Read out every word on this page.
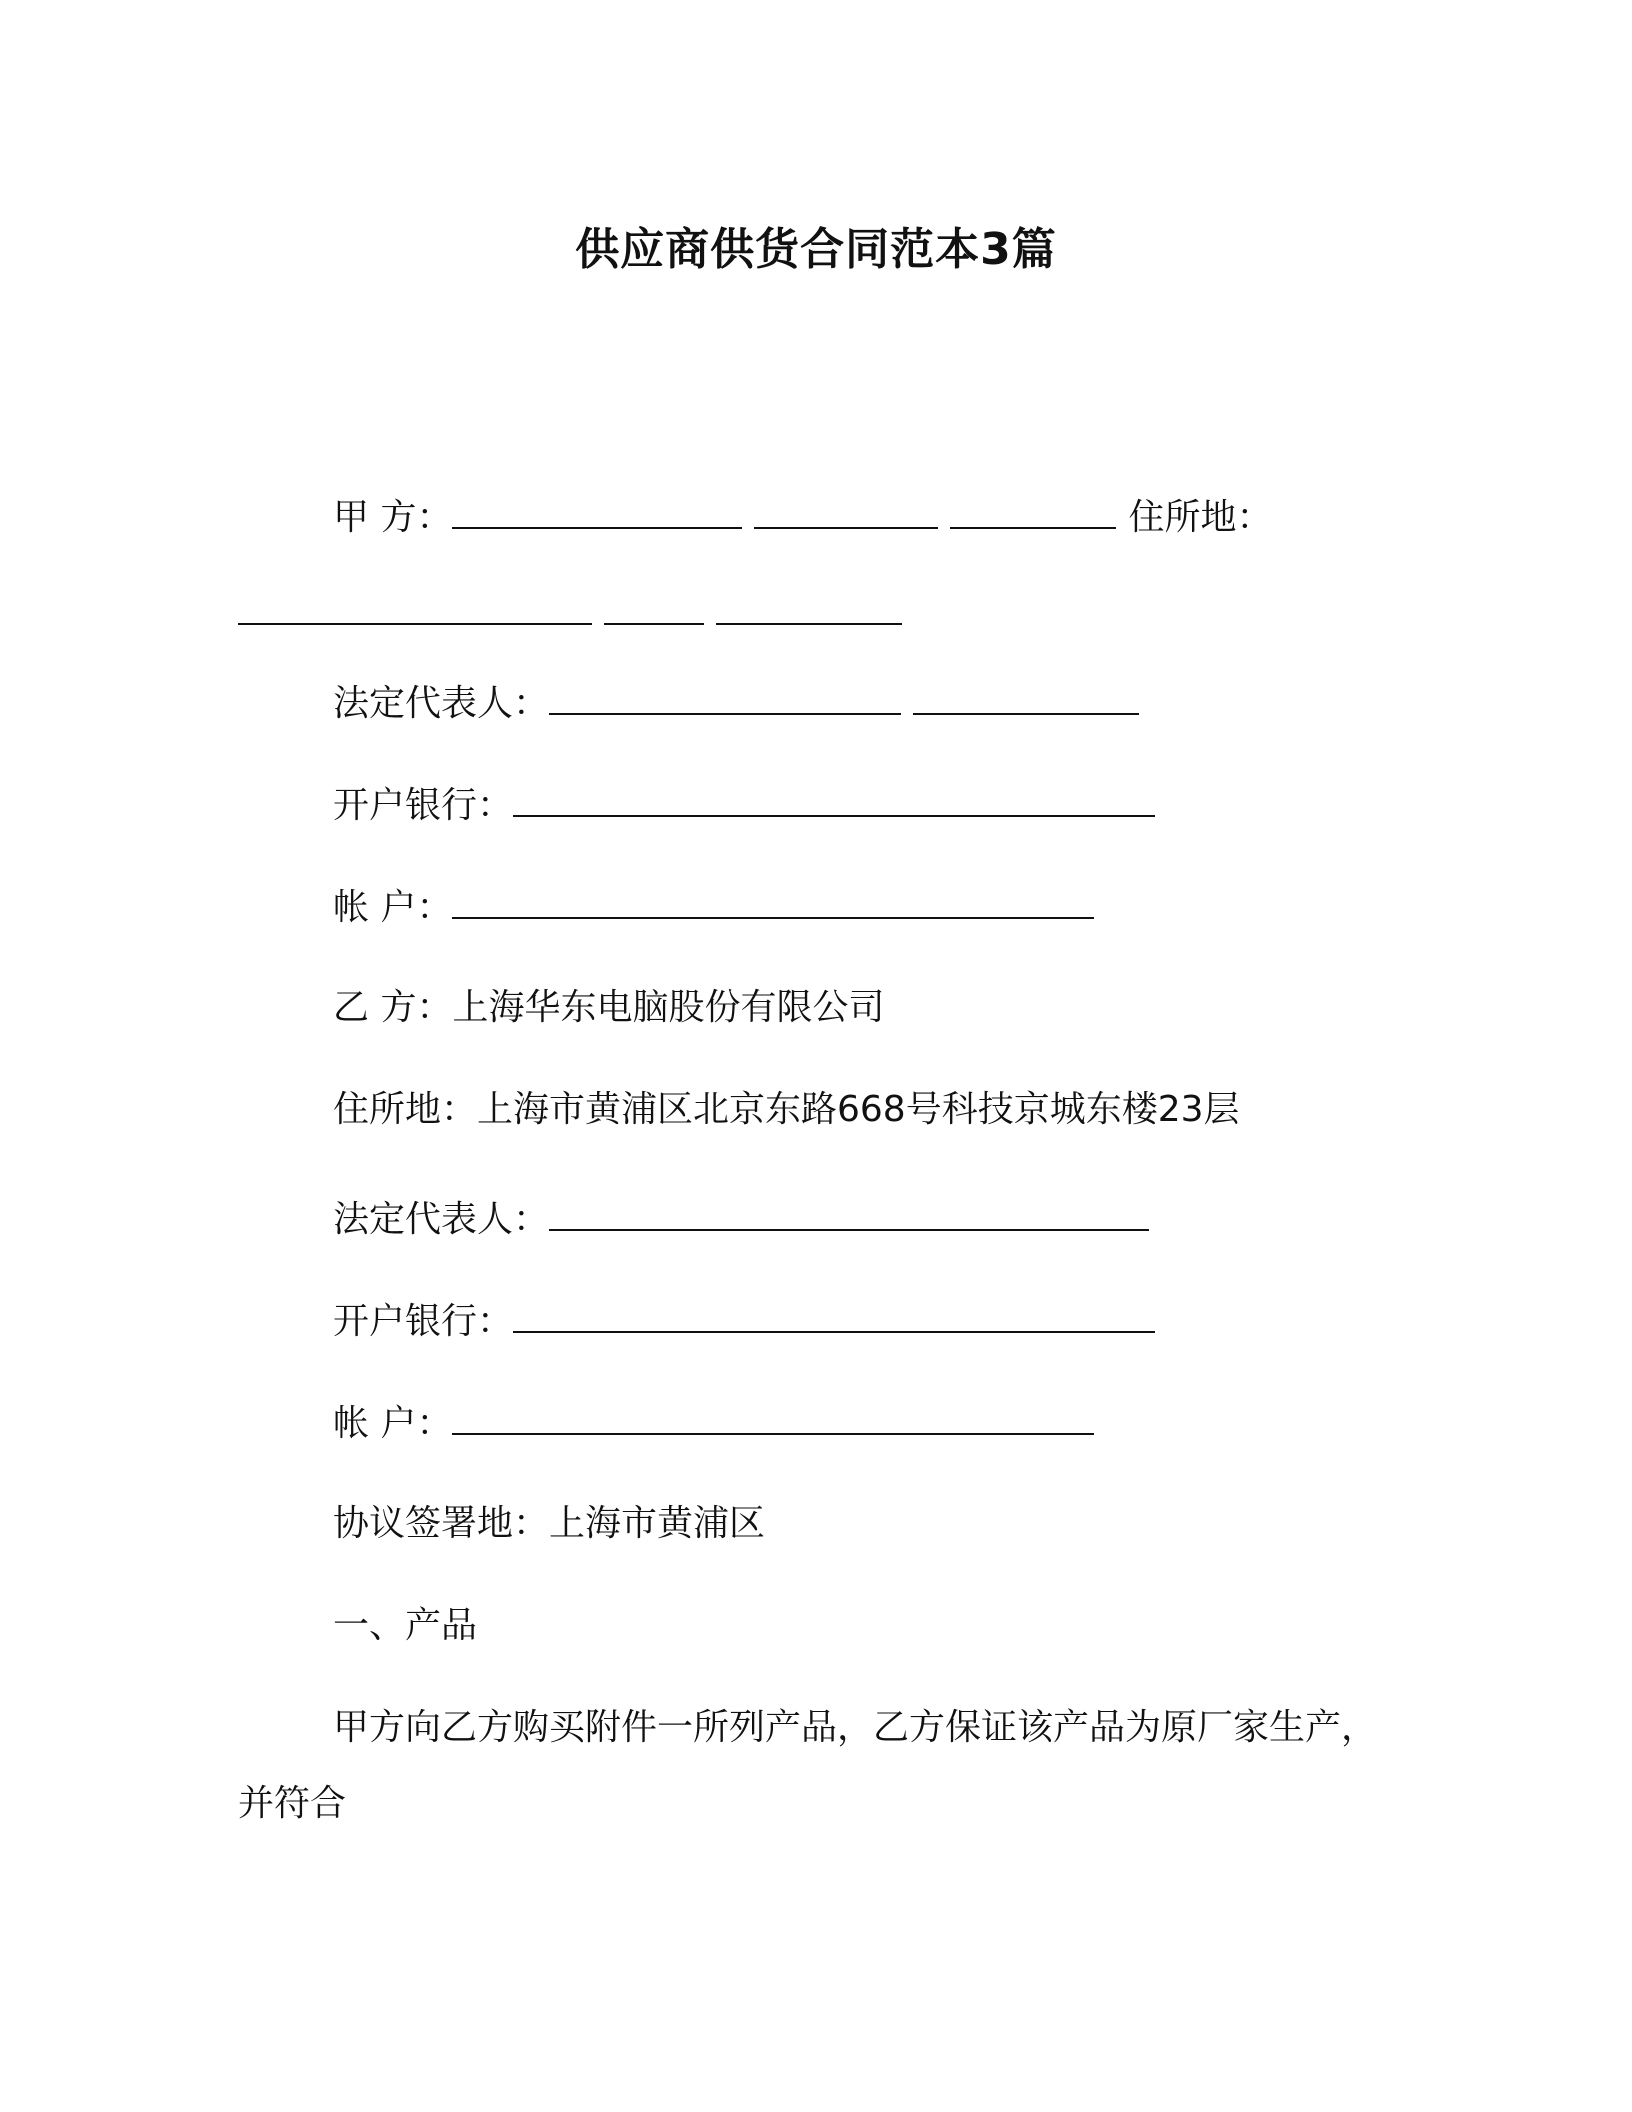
供应商供货合同范本3篇
甲 方：	住所地：
法定代表人：
开户银行：
帐 户：
乙 方：上海华东电脑股份有限公司
住所地：上海市黄浦区北京东路668号科技京城东楼23层
法定代表人：
开户银行：
帐 户：
协议签署地：上海市黄浦区
一、产品
甲方向乙方购买附件一所列产品，乙方保证该产品为原厂家生产，
并符合
